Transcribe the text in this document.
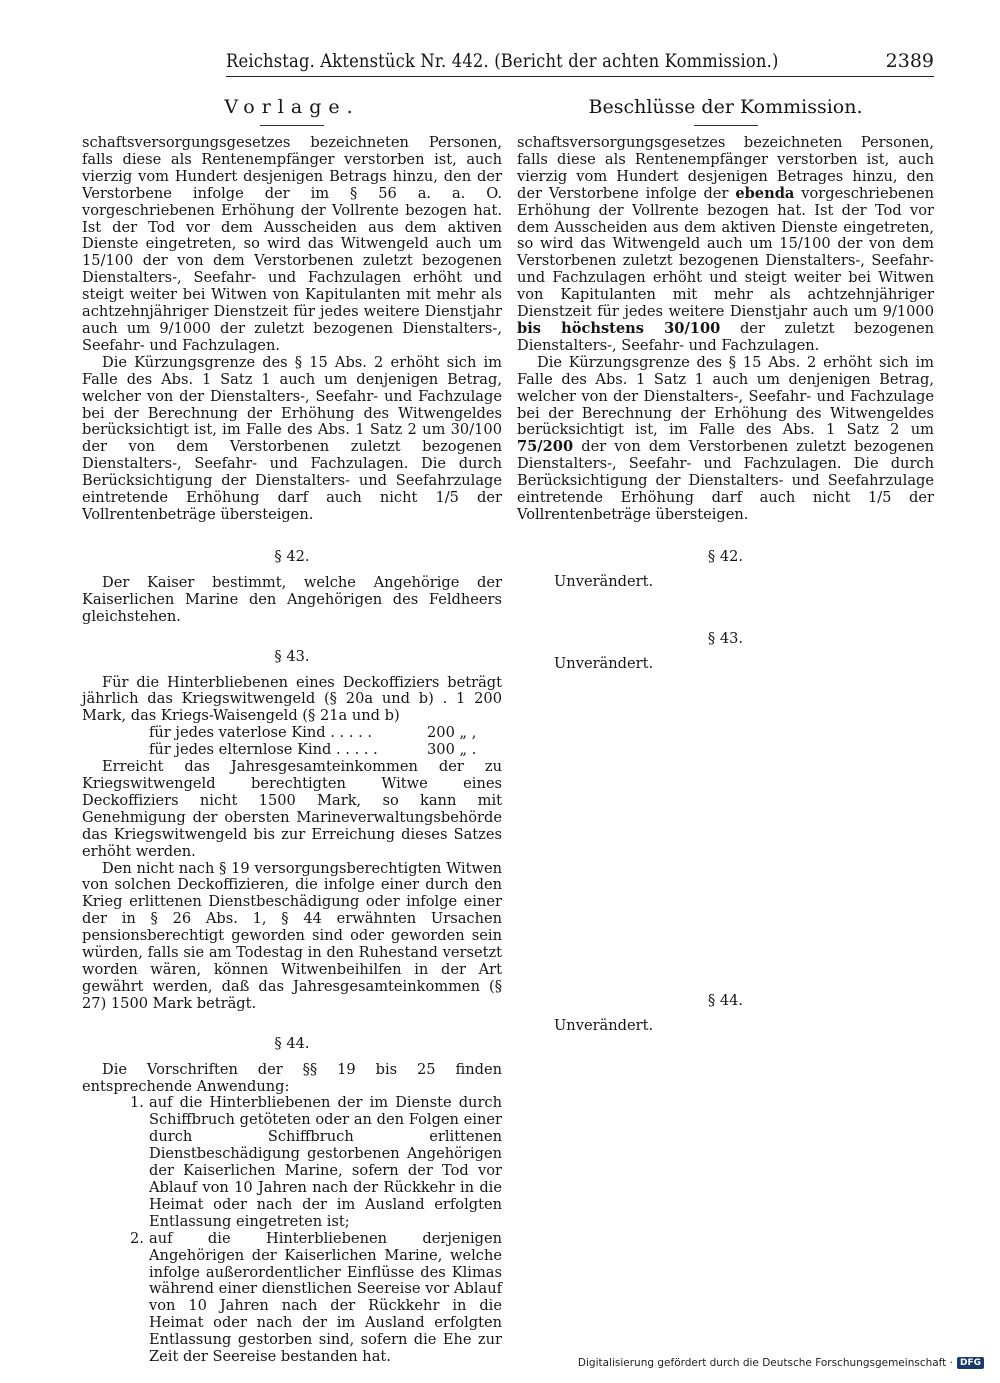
Reichstag. Aktenstück Nr. 442. (Bericht der achten Kommission.)	2389
Vorlage.

schaftsversorgungsgesetzes bezeichneten Personen, falls diese als Rentenempfänger verstorben ist, auch vierzig vom Hundert desjenigen Betrags hinzu, den der Verstorbene infolge der im § 56 a. a. O. vorgeschriebenen Erhöhung der Vollrente bezogen hat. Ist der Tod vor dem Ausscheiden aus dem aktiven Dienste eingetreten, so wird das Witwengeld auch um 15/100 der von dem Verstorbenen zuletzt bezogenen Dienstalters-, Seefahr- und Fachzulagen erhöht und steigt weiter bei Witwen von Kapitulanten mit mehr als achtzehnjähriger Dienstzeit für jedes weitere Dienstjahr auch um 9/1000 der zuletzt bezogenen Dienstalters-, Seefahr- und Fachzulagen.

Die Kürzungsgrenze des § 15 Abs. 2 erhöht sich im Falle des Abs. 1 Satz 1 auch um denjenigen Betrag, welcher von der Dienstalters-, Seefahr- und Fachzulage bei der Berechnung der Erhöhung des Witwengeldes berücksichtigt ist, im Falle des Abs. 1 Satz 2 um 30/100 der von dem Verstorbenen zuletzt bezogenen Dienstalters-, Seefahr- und Fachzulagen. Die durch Berücksichtigung der Dienstalters- und Seefahrzulage eintretende Erhöhung darf auch nicht 1/5 der Vollrentenbeträge übersteigen.

§ 42.

Der Kaiser bestimmt, welche Angehörige der Kaiserlichen Marine den Angehörigen des Feldheers gleichstehen.

§ 43.

Für die Hinterbliebenen eines Deckoffiziers beträgt jährlich das Kriegswitwengeld (§ 20a und b) . 1 200 Mark, das Kriegs-Waisengeld (§ 21a und b)

für jedes vaterlose Kind . . . . .	200 „ ,
für jedes elternlose Kind . . . . .	300 „ .

Erreicht das Jahresgesamteinkommen der zu Kriegswitwengeld berechtigten Witwe eines Deckoffiziers nicht 1500 Mark, so kann mit Genehmigung der obersten Marineverwaltungsbehörde das Kriegswitwengeld bis zur Erreichung dieses Satzes erhöht werden.

Den nicht nach § 19 versorgungsberechtigten Witwen von solchen Deckoffizieren, die infolge einer durch den Krieg erlittenen Dienstbeschädigung oder infolge einer der in § 26 Abs. 1, § 44 erwähnten Ursachen pensionsberechtigt geworden sind oder geworden sein würden, falls sie am Todestag in den Ruhestand versetzt worden wären, können Witwenbeihilfen in der Art gewährt werden, daß das Jahresgesamteinkommen (§ 27) 1500 Mark beträgt.

§ 44.

Die Vorschriften der §§ 19 bis 25 finden entsprechende Anwendung:

1. auf die Hinterbliebenen der im Dienste durch Schiffbruch getöteten oder an den Folgen einer durch Schiffbruch erlittenen Dienstbeschädigung gestorbenen Angehörigen der Kaiserlichen Marine, sofern der Tod vor Ablauf von 10 Jahren nach der Rückkehr in die Heimat oder nach der im Ausland erfolgten Entlassung eingetreten ist;
2. auf die Hinterbliebenen derjenigen Angehörigen der Kaiserlichen Marine, welche infolge außerordentlicher Einflüsse des Klimas während einer dienstlichen Seereise vor Ablauf von 10 Jahren nach der Rückkehr in die Heimat oder nach der im Ausland erfolgten Entlassung gestorben sind, sofern die Ehe zur Zeit der Seereise bestanden hat.
Beschlüsse der Kommission.

schaftsversorgungsgesetzes bezeichneten Personen, falls diese als Rentenempfänger verstorben ist, auch vierzig vom Hundert desjenigen Betrages hinzu, den der Verstorbene infolge der ebenda vorgeschriebenen Erhöhung der Vollrente bezogen hat. Ist der Tod vor dem Ausscheiden aus dem aktiven Dienste eingetreten, so wird das Witwengeld auch um 15/100 der von dem Verstorbenen zuletzt bezogenen Dienstalters-, Seefahr- und Fachzulagen erhöht und steigt weiter bei Witwen von Kapitulanten mit mehr als achtzehnjähriger Dienstzeit für jedes weitere Dienstjahr auch um 9/1000 bis höchstens 30/100 der zuletzt bezogenen Dienstalters-, Seefahr- und Fachzulagen.

Die Kürzungsgrenze des § 15 Abs. 2 erhöht sich im Falle des Abs. 1 Satz 1 auch um denjenigen Betrag, welcher von der Dienstalters-, Seefahr- und Fachzulage bei der Berechnung der Erhöhung des Witwengeldes berücksichtigt ist, im Falle des Abs. 1 Satz 2 um 75/200 der von dem Verstorbenen zuletzt bezogenen Dienstalters-, Seefahr- und Fachzulagen. Die durch Berücksichtigung der Dienstalters- und Seefahrzulage eintretende Erhöhung darf auch nicht 1/5 der Vollrentenbeträge übersteigen.

§ 42.

Unverändert.

§ 43.

Unverändert.

§ 44.

Unverändert.

Digitalisierung gefördert durch die Deutsche Forschungsgemeinschaft · DFG
